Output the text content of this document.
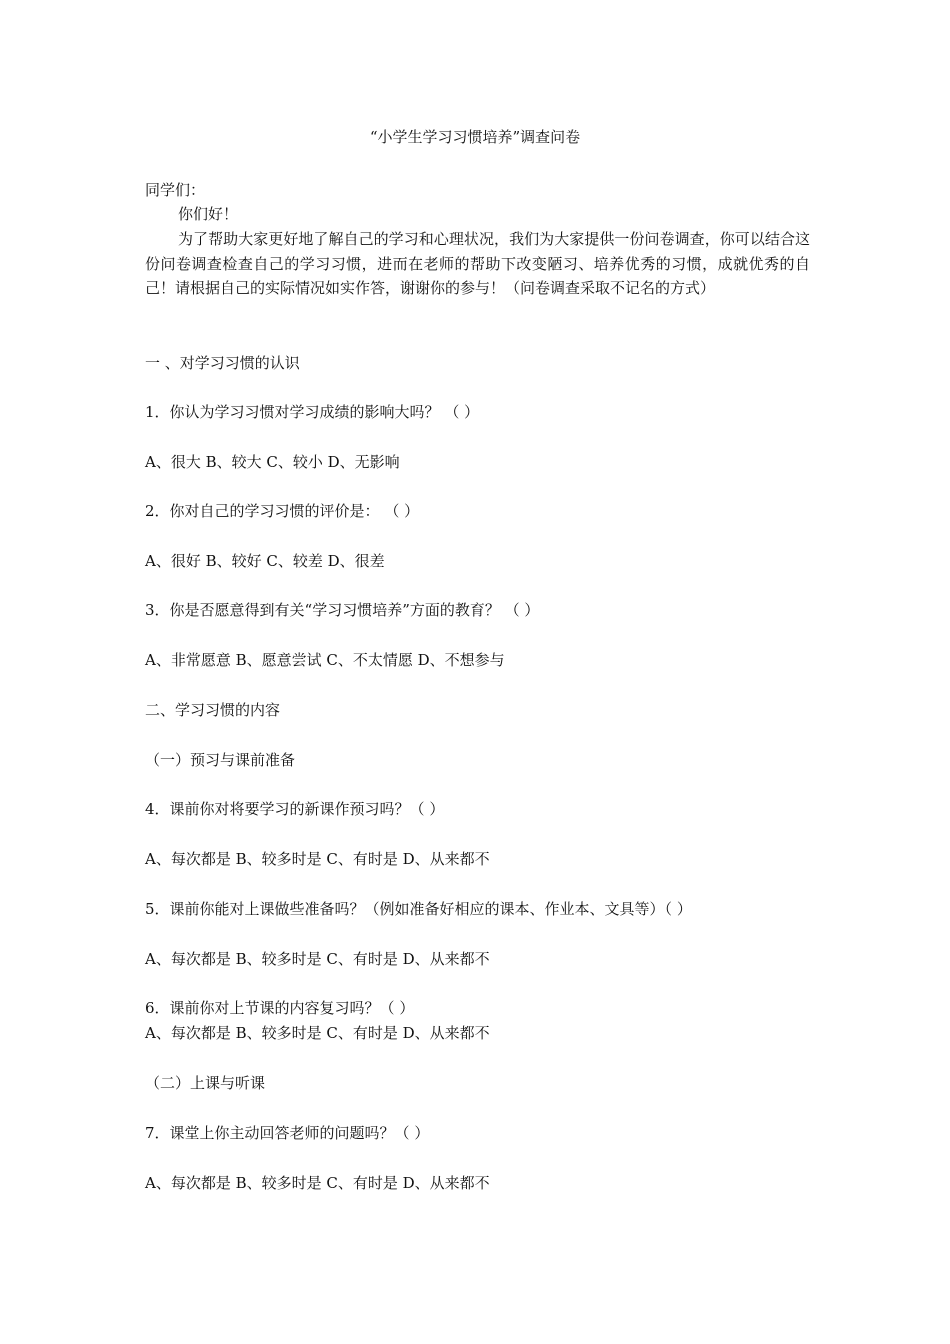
“小学生学习习惯培养”调查问卷
同学们：
你们好！
为了帮助大家更好地了解自己的学习和心理状况，我们为大家提供一份问卷调查，你可以结合这份问卷调查检查自己的学习习惯，进而在老师的帮助下改变陋习、培养优秀的习惯，成就优秀的自己！请根据自己的实际情况如实作答，谢谢你的参与！（问卷调查采取不记名的方式）
一 、对学习习惯的认识
1．你认为学习习惯对学习成绩的影响大吗？ （ ）
A、很大 B、较大 C、较小 D、无影响
2．你对自己的学习习惯的评价是： （ ）
A、很好 B、较好 C、较差 D、很差
3．你是否愿意得到有关“学习习惯培养”方面的教育？ （ ）
A、非常愿意 B、愿意尝试 C、不太情愿 D、不想参与
二、学习习惯的内容
（一）预习与课前准备
4．课前你对将要学习的新课作预习吗？（ ）
A、每次都是 B、较多时是 C、有时是 D、从来都不
5．课前你能对上课做些准备吗？（例如准备好相应的课本、作业本、文具等）（ ）
A、每次都是 B、较多时是 C、有时是 D、从来都不
6．课前你对上节课的内容复习吗？（ ）
A、每次都是 B、较多时是 C、有时是 D、从来都不
（二）上课与听课
7．课堂上你主动回答老师的问题吗？（ ）
A、每次都是 B、较多时是 C、有时是 D、从来都不
